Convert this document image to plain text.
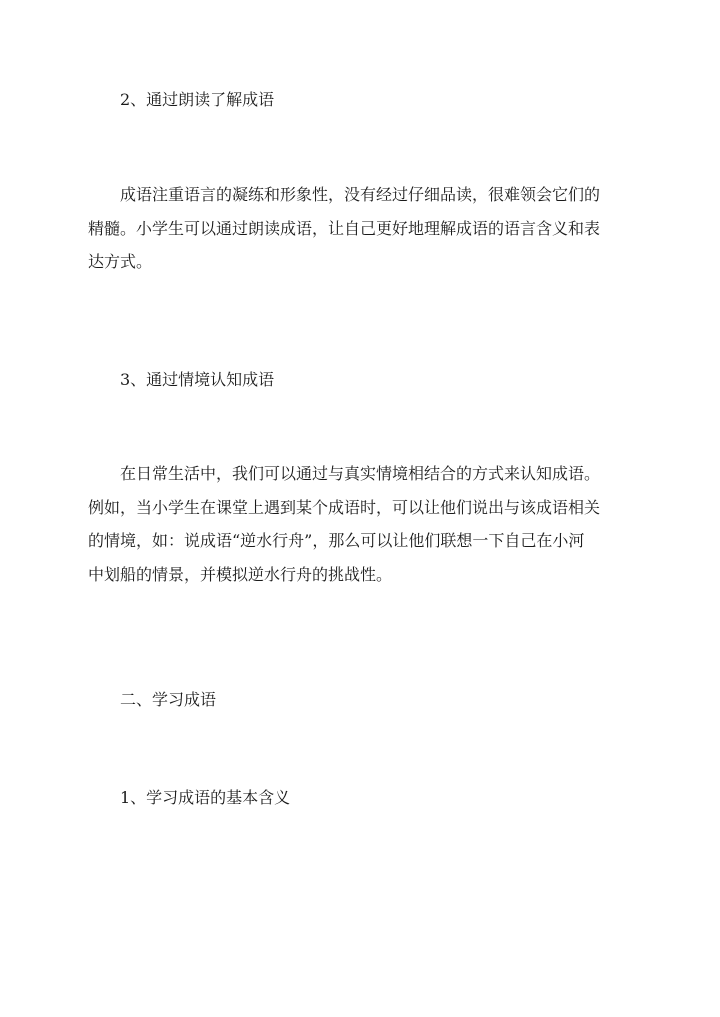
2、通过朗读了解成语
成语注重语言的凝练和形象性，没有经过仔细品读，很难领会它们的
精髓。小学生可以通过朗读成语，让自己更好地理解成语的语言含义和表
达方式。
3、通过情境认知成语
在日常生活中，我们可以通过与真实情境相结合的方式来认知成语。
例如，当小学生在课堂上遇到某个成语时，可以让他们说出与该成语相关
的情境，如：说成语“逆水行舟”，那么可以让他们联想一下自己在小河
中划船的情景，并模拟逆水行舟的挑战性。
二、学习成语
1、学习成语的基本含义
